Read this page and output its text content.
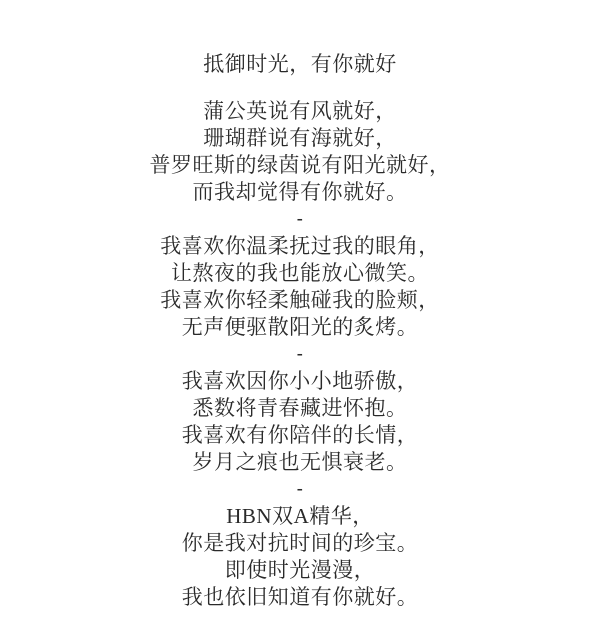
抵御时光，有你就好
蒲公英说有风就好，
珊瑚群说有海就好，
普罗旺斯的绿茵说有阳光就好，
而我却觉得有你就好。
-
我喜欢你温柔抚过我的眼角，
让熬夜的我也能放心微笑。
我喜欢你轻柔触碰我的脸颊，
无声便驱散阳光的炙烤。
-
我喜欢因你小小地骄傲，
悉数将青春藏进怀抱。
我喜欢有你陪伴的长情，
岁月之痕也无惧衰老。
-
HBN双A精华，
你是我对抗时间的珍宝。
即使时光漫漫，
我也依旧知道有你就好。
